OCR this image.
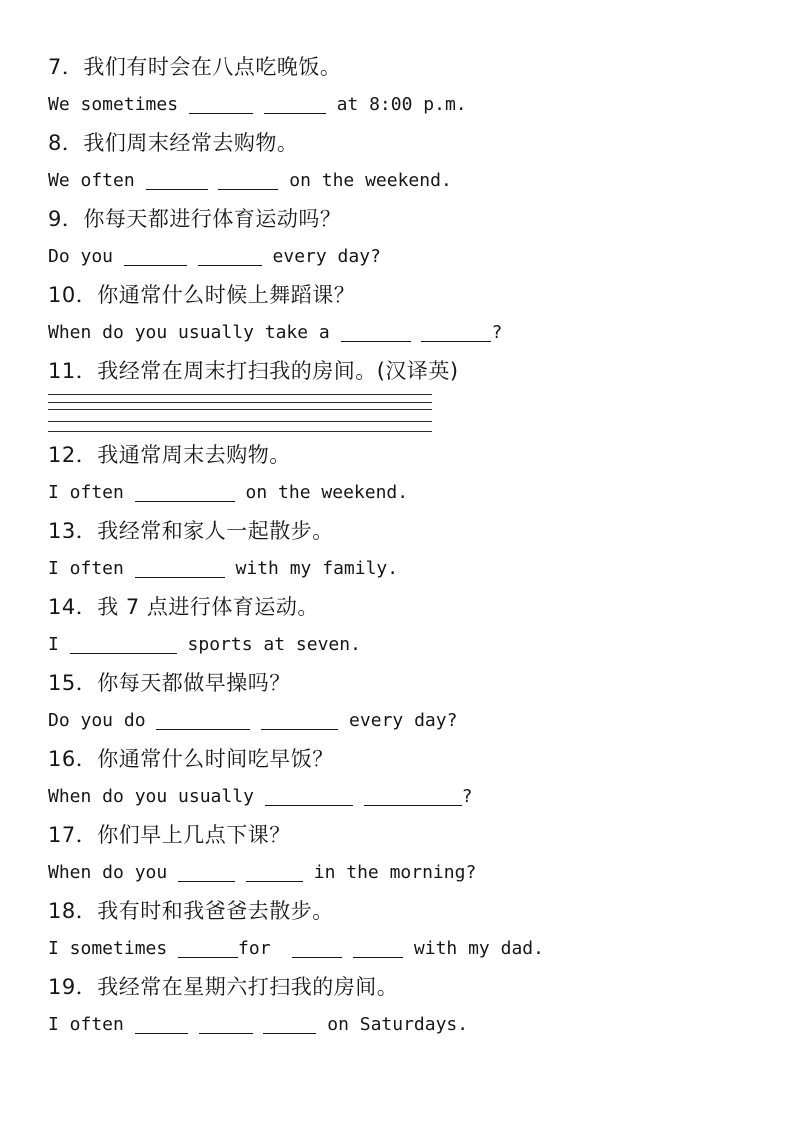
7．我们有时会在八点吃晚饭。
We sometimes	at 8:00 p.m.
8．我们周末经常去购物。
We often	on the weekend.
9．你每天都进行体育运动吗？
Do you	every day?
10．你通常什么时候上舞蹈课？
When do you usually take a	?
11．我经常在周末打扫我的房间。(汉译英)
12．我通常周末去购物。
I often	on the weekend.
13．我经常和家人一起散步。
I often	with my family.
14．我 7 点进行体育运动。
I	sports at seven.
15．你每天都做早操吗？
Do you do	every day?
16．你通常什么时间吃早饭？
When do you usually	?
17．你们早上几点下课？
When do you	in the morning?
18．我有时和我爸爸去散步。
I sometimes	for	with my dad.
19．我经常在星期六打扫我的房间。
I often	on Saturdays.
